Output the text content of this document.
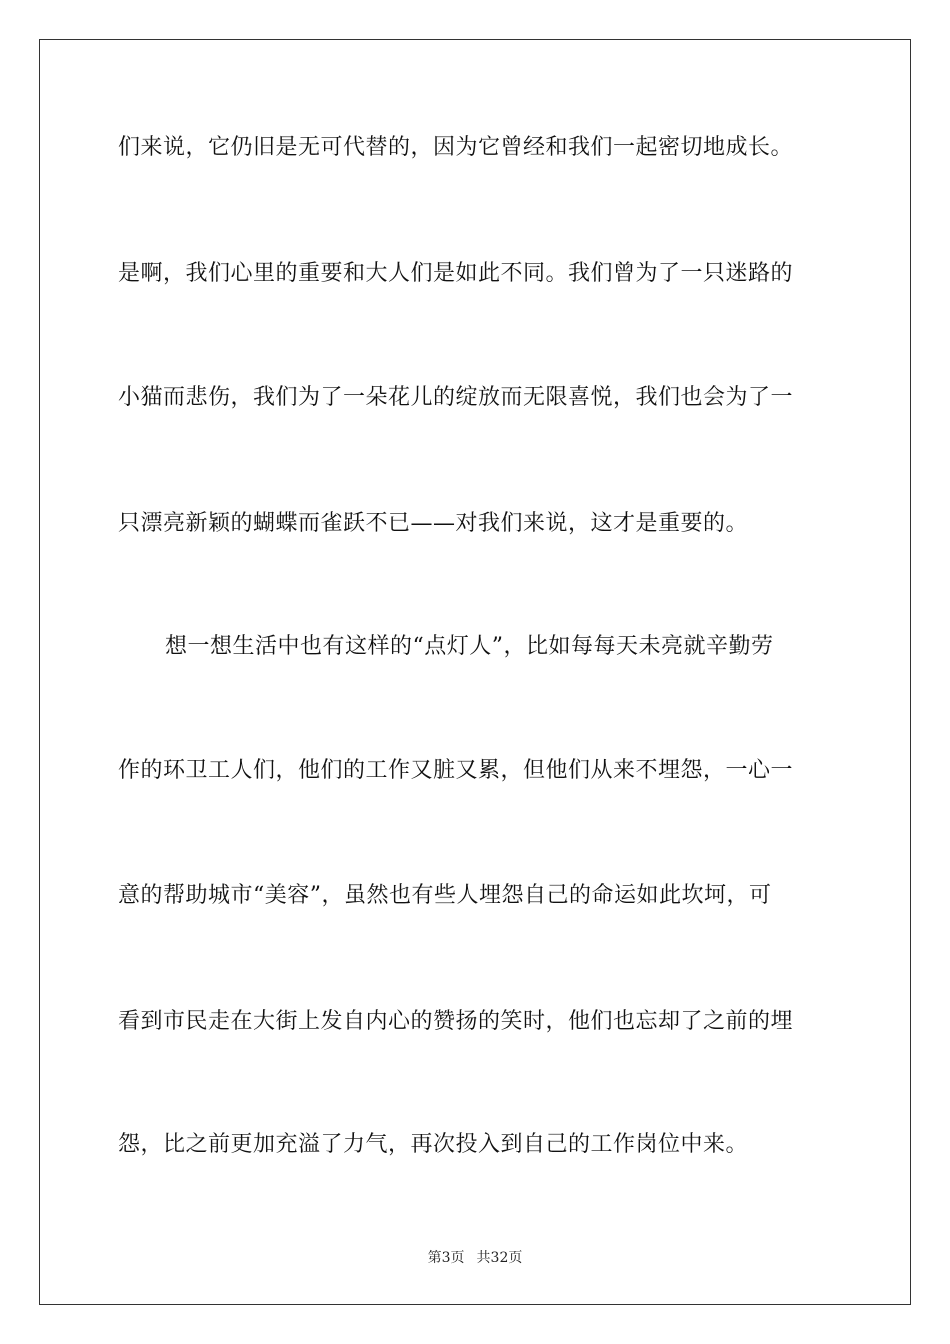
们来说，它仍旧是无可代替的，因为它曾经和我们一起密切地成长。
是啊，我们心里的重要和大人们是如此不同。我们曾为了一只迷路的
小猫而悲伤，我们为了一朵花儿的绽放而无限喜悦，我们也会为了一
只漂亮新颖的蝴蝶而雀跃不已——对我们来说，这才是重要的。
想一想生活中也有这样的“点灯人”，比如每每天未亮就辛勤劳
作的环卫工人们，他们的工作又脏又累，但他们从来不埋怨，一心一
意的帮助城市“美容”，虽然也有些人埋怨自己的命运如此坎坷，可
看到市民走在大街上发自内心的赞扬的笑时，他们也忘却了之前的埋
怨，比之前更加充溢了力气，再次投入到自己的工作岗位中来。
第3页 共32页
